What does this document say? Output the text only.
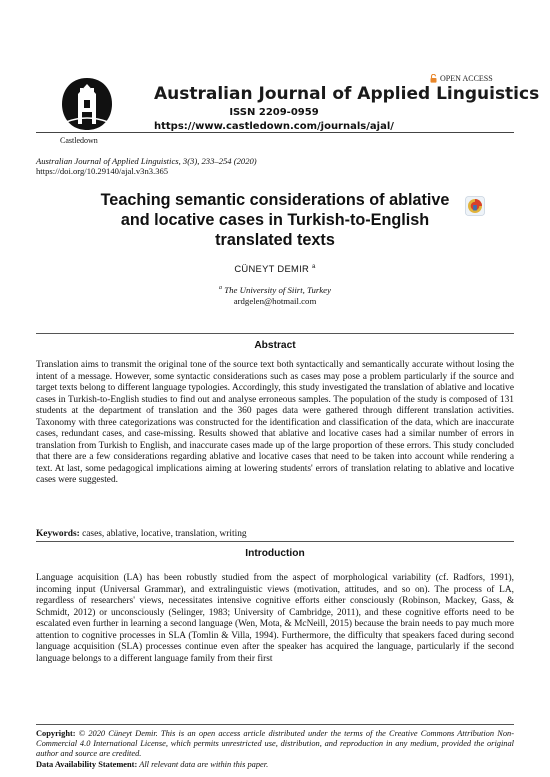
OPEN ACCESS
Castledown
Australian Journal of Applied Linguistics
ISSN 2209-0959
https://www.castledown.com/journals/ajal/
Australian Journal of Applied Linguistics, 3(3), 233–254 (2020)
https://doi.org/10.29140/ajal.v3n3.365
Teaching semantic considerations of ablative and locative cases in Turkish-to-English translated texts
CÜNEYT DEMIR $^a$
$^a$ The University of Siirt, Turkey
ardgelen@hotmail.com
Abstract
Translation aims to transmit the original tone of the source text both syntactically and semantically accurate without losing the intent of a message. However, some syntactic considerations such as cases may pose a problem particularly if the source and target texts belong to different language typologies. Accordingly, this study investigated the translation of ablative and locative cases in Turkish-to-English studies to find out and analyse erroneous samples. The population of the study is composed of 131 students at the department of translation and the 360 pages data were gathered through different translation activities. Taxonomy with three categorizations was constructed for the identification and classification of the data, which are inaccurate cases, redundant cases, and case-missing. Results showed that ablative and locative cases had a similar number of errors in translation from Turkish to English, and inaccurate cases made up of the large proportion of these errors. This study concluded that there are a few considerations regarding ablative and locative cases that need to be taken into account while rendering a text. At last, some pedagogical implications aiming at lowering students' errors of translation relating to ablative and locative cases were suggested.
Keywords: cases, ablative, locative, translation, writing
Introduction
Language acquisition (LA) has been robustly studied from the aspect of morphological variability (cf. Radfors, 1991), incoming input (Universal Grammar), and extralinguistic views (motivation, attitudes, and so on). The process of LA, regardless of researchers' views, necessitates intensive cognitive efforts either consciously (Robinson, Mackey, Gass, & Schmidt, 2012) or unconsciously (Selinger, 1983; University of Cambridge, 2011), and these cognitive efforts need to be escalated even further in learning a second language (Wen, Mota, & McNeill, 2015) because the brain needs to pay much more attention to cognitive processes in SLA (Tomlin & Villa, 1994). Furthermore, the difficulty that speakers faced during second language acquisition (SLA) processes continue even after the speaker has acquired the language, particularly if the second language belongs to a different language family from their first
Copyright: © 2020 Cüneyt Demir. This is an open access article distributed under the terms of the Creative Commons Attribution Non-Commercial 4.0 International License, which permits unrestricted use, distribution, and reproduction in any medium, provided the original author and source are credited.
Data Availability Statement: All relevant data are within this paper.
